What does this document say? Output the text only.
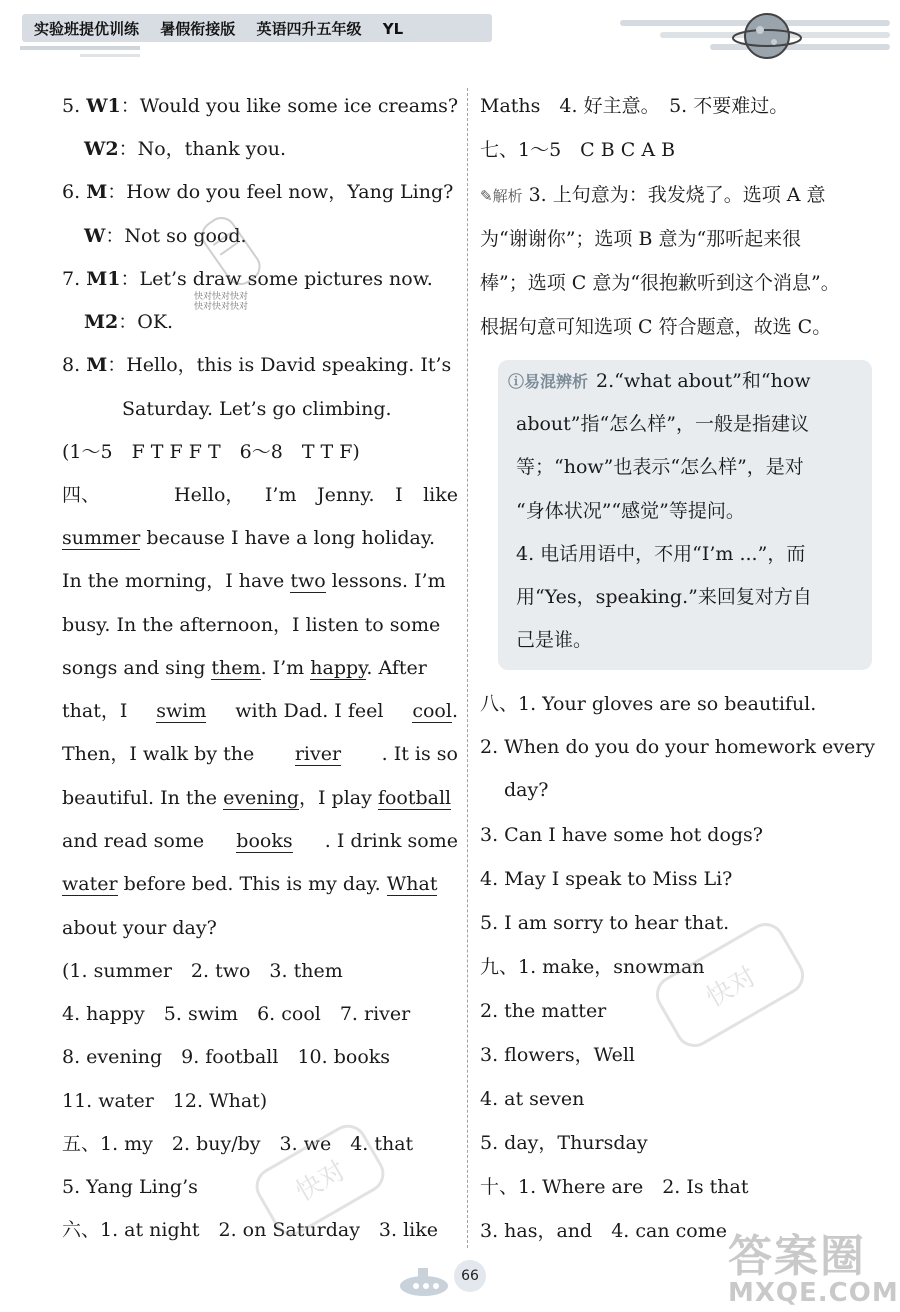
实验班提优训练 暑假衔接版 英语四升五年级 YL
5. W1：Would you like some ice creams?
W2：No，thank you.
6. M：How do you feel now，Yang Ling?
W：Not so good.
7. M1：Let’s draw some pictures now.
M2：OK.
8. M：Hello，this is David speaking. It’s
Saturday. Let’s go climbing.
(1～5　F T F F T　6～8　T T F)
四、	Hello， I’m Jenny. I like
summer because I have a long holiday.
In the morning，I have two lessons. I’m
busy. In the afternoon，I listen to some
songs and sing them. I’m happy. After
that，I swim with Dad. I feel cool.
Then，I walk by the river . It is so
beautiful. In the evening，I play football
and read some books . I drink some
water before bed. This is my day. What
about your day?
(1. summer　2. two　3. them
4. happy　5. swim　6. cool　7. river
8. evening　9. football　10. books
11. water　12. What)
五、1. my　2. buy/by　3. we　4. that
5. Yang Ling’s
六、1. at night　2. on Saturday　3. like
Maths　4. 好主意。　5. 不要难过。
七、1～5　C B C A B
✎解析 3. 上句意为：我发烧了。选项 A 意
为“谢谢你”；选项 B 意为“那听起来很
棒”；选项 C 意为“很抱歉听到这个消息”。
根据句意可知选项 C 符合题意，故选 C。
ⓘ易混辨析 2.“what about”和“how
about”指“怎么样”，一般是指建议
等；“how”也表示“怎么样”，是对
“身体状况”“感觉”等提问。
4. 电话用语中，不用“I’m ...”，而
用“Yes，speaking.”来回复对方自
己是谁。
八、1. Your gloves are so beautiful.
2. When do you do your homework every
day?
3. Can I have some hot dogs?
4. May I speak to Miss Li?
5. I am sorry to hear that.
九、1. make，snowman
2. the matter
3. flowers，Well
4. at seven
5. day，Thursday
十、1. Where are　2. Is that
3. has，and　4. can come
快对快对快对
快对快对快对
快对
快对
66	答案圈
MXQE.COM
